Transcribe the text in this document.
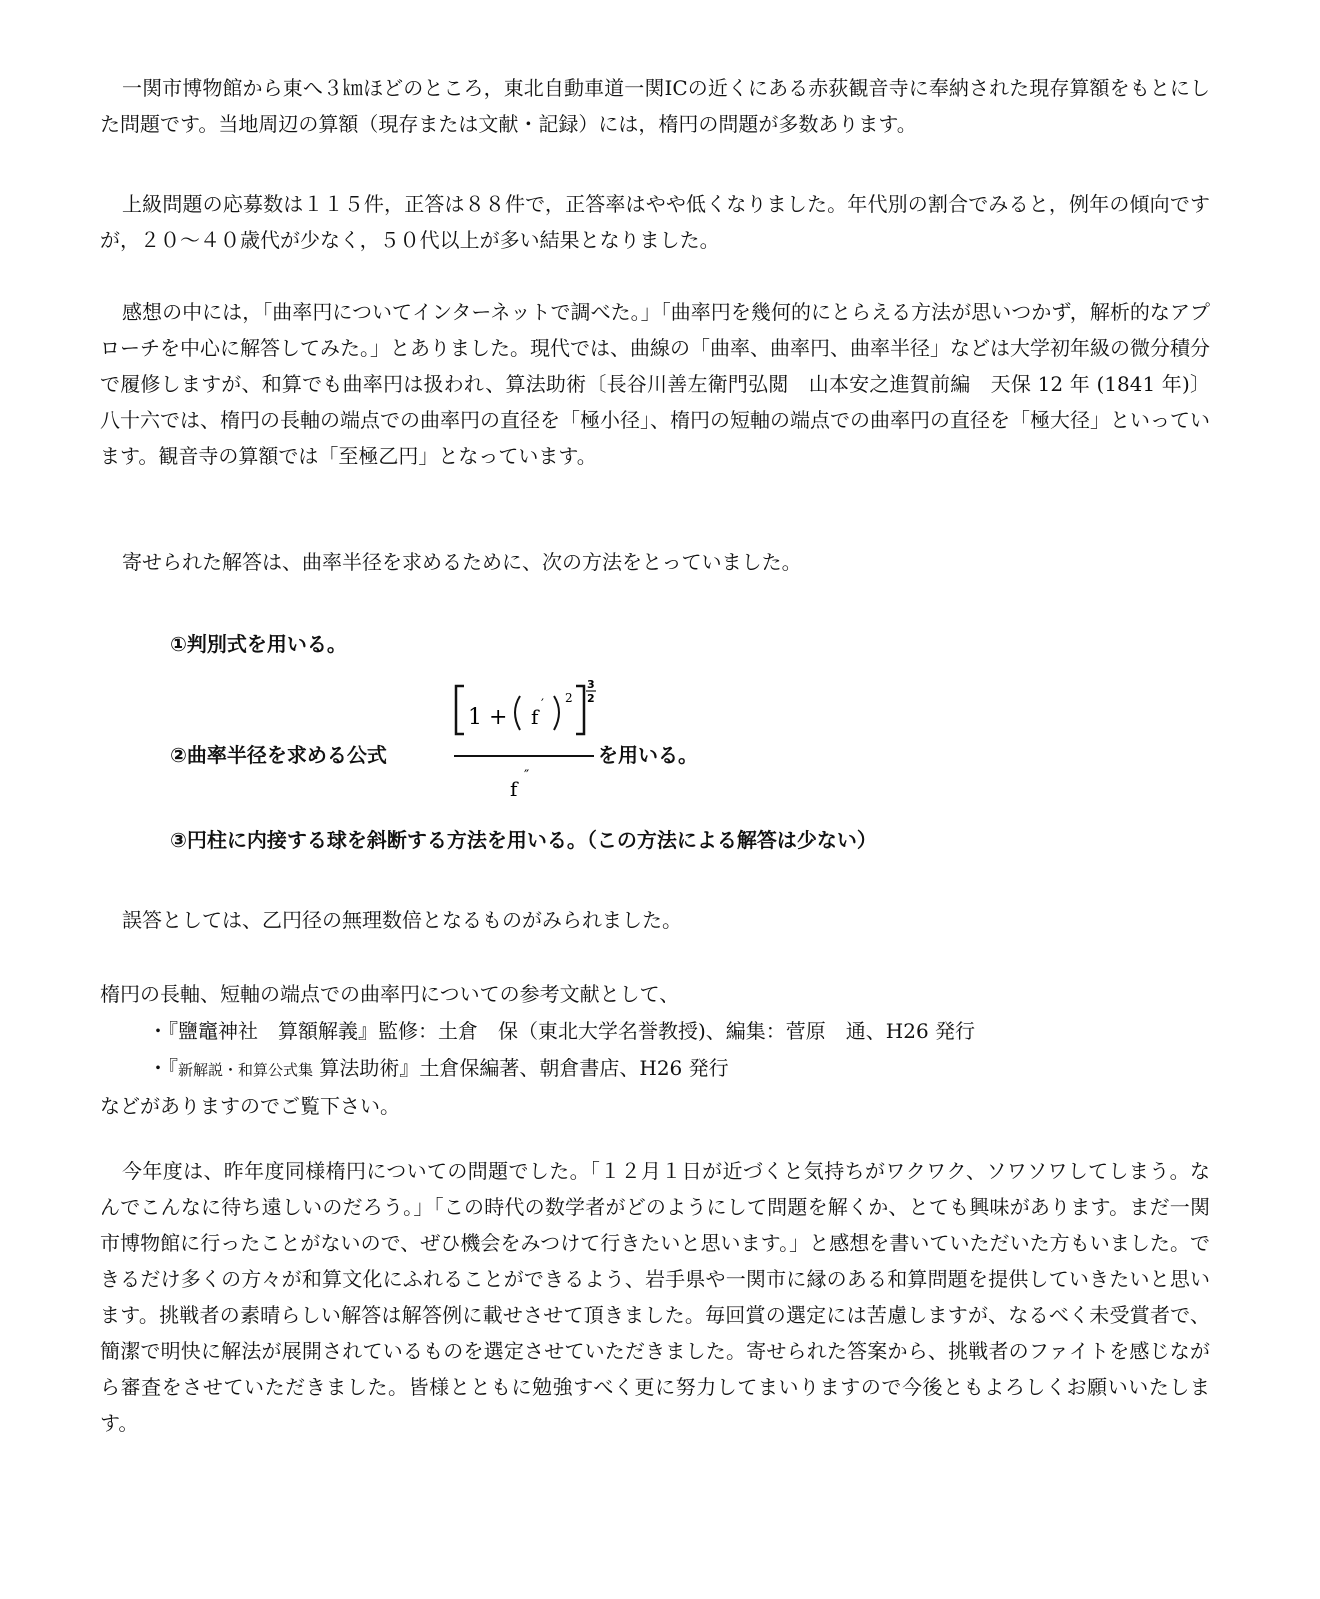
一関市博物館から東へ３㎞ほどのところ，東北自動車道一関ICの近くにある赤荻観音寺に奉納された現存算額をもとにした問題です。当地周辺の算額（現存または文献・記録）には，楕円の問題が多数あります。

上級問題の応募数は１１５件，正答は８８件で，正答率はやや低くなりました。年代別の割合でみると，例年の傾向ですが，２０～４０歳代が少なく，５０代以上が多い結果となりました。

感想の中には，「曲率円についてインターネットで調べた。」「曲率円を幾何的にとらえる方法が思いつかず，解析的なアプローチを中心に解答してみた。」とありました。現代では、曲線の「曲率、曲率円、曲率半径」などは大学初年級の微分積分で履修しますが、和算でも曲率円は扱われ、算法助術〔長谷川善左衛門弘閲　山本安之進賀前編　天保 12 年 (1841 年)〕八十六では、楕円の長軸の端点での曲率円の直径を「極小径」、楕円の短軸の端点での曲率円の直径を「極大径」といっています。観音寺の算額では「至極乙円」となっています。

寄せられた解答は、曲率半径を求めるために、次の方法をとっていました。

①判別式を用いる。
②曲率半径を求める公式
1 + f
′ 2
3
2
f
″
を用いる。
③円柱に内接する球を斜断する方法を用いる。（この方法による解答は少ない）

誤答としては、乙円径の無理数倍となるものがみられました。

楕円の長軸、短軸の端点での曲率円についての参考文献として、

・『鹽竈神社　算額解義』監修：土倉　保（東北大学名誉教授)、編集：菅原　通、H26 発行
・『新解説・和算公式集 算法助術』土倉保編著、朝倉書店、H26 発行

などがありますのでご覧下さい。

今年度は、昨年度同様楕円についての問題でした。「１２月１日が近づくと気持ちがワクワク、ソワソワしてしまう。なんでこんなに待ち遠しいのだろう。」「この時代の数学者がどのようにして問題を解くか、とても興味があります。まだ一関市博物館に行ったことがないので、ぜひ機会をみつけて行きたいと思います。」と感想を書いていただいた方もいました。できるだけ多くの方々が和算文化にふれることができるよう、岩手県や一関市に縁のある和算問題を提供していきたいと思います。挑戦者の素晴らしい解答は解答例に載せさせて頂きました。毎回賞の選定には苦慮しますが、なるべく未受賞者で、簡潔で明快に解法が展開されているものを選定させていただきました。寄せられた答案から、挑戦者のファイトを感じながら審査をさせていただきました。皆様とともに勉強すべく更に努力してまいりますので今後ともよろしくお願いいたします。
